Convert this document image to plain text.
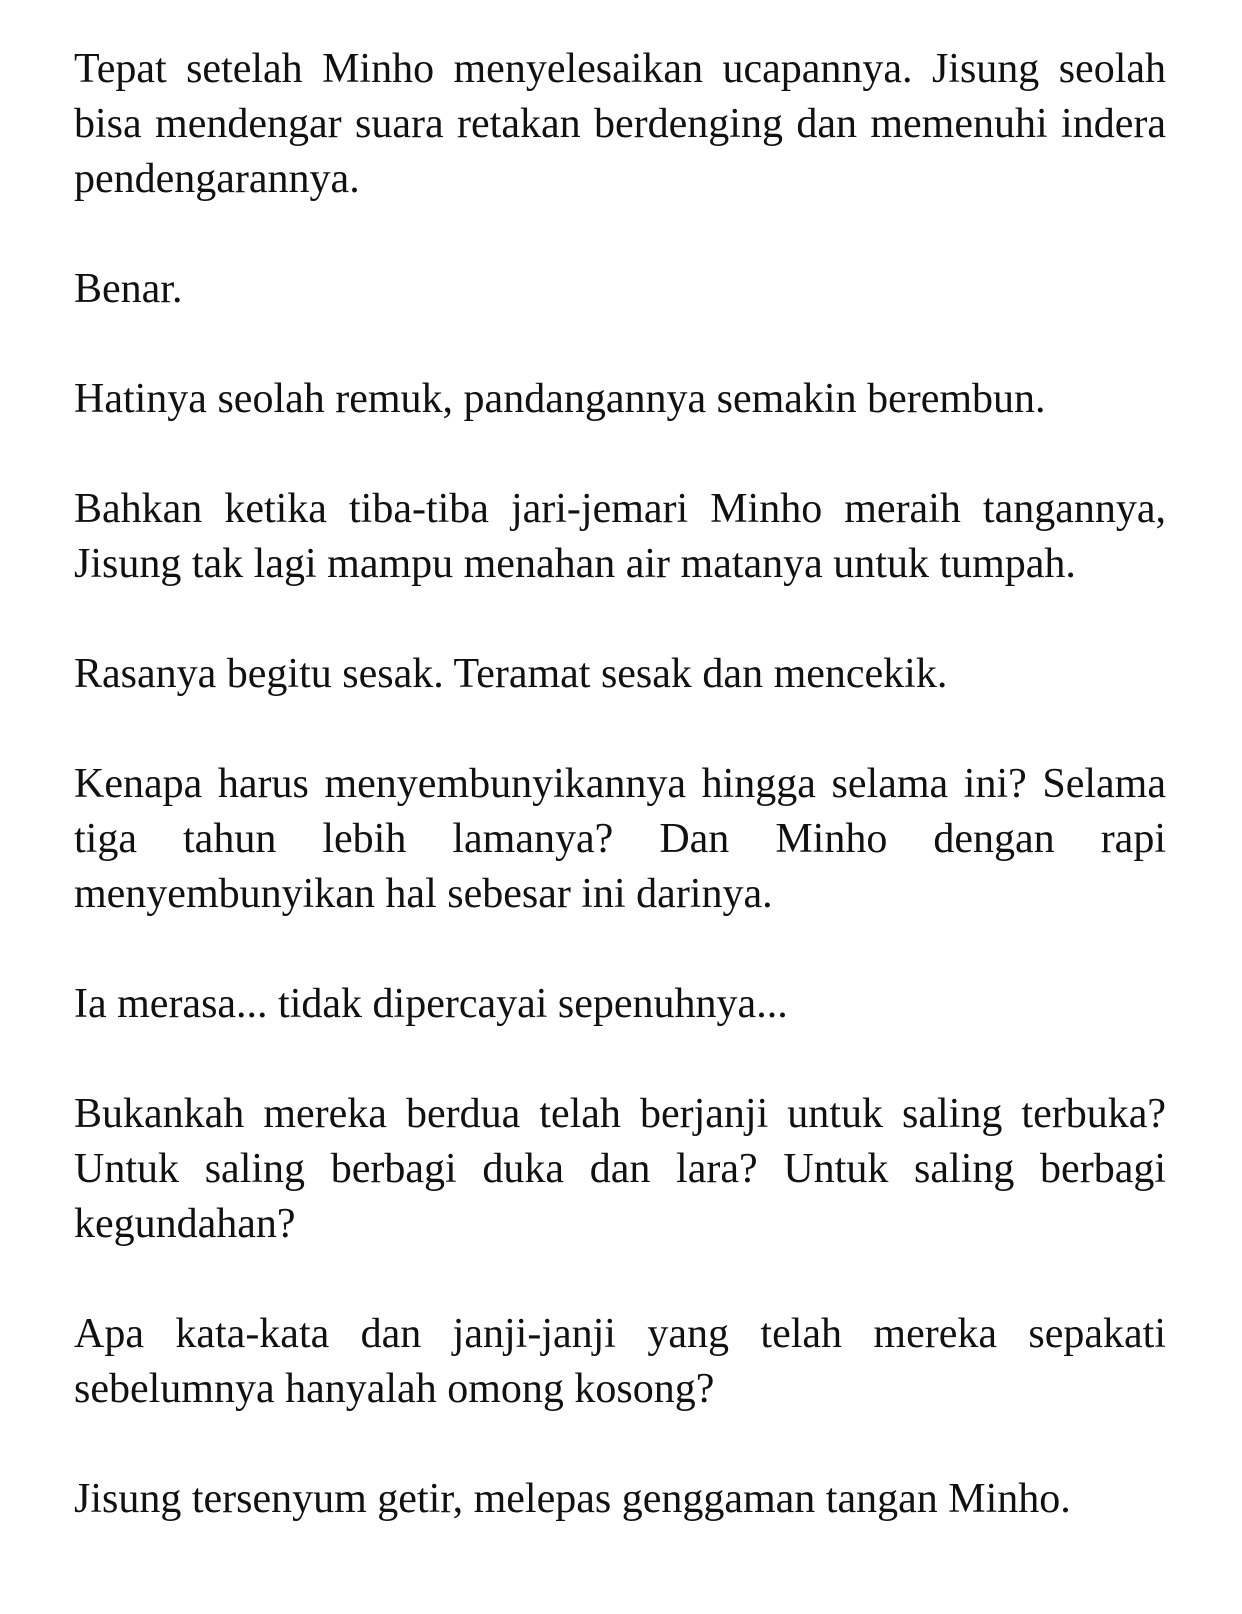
Tepat setelah Minho menyelesaikan ucapannya. Jisung seolah bisa mendengar suara retakan berdenging dan memenuhi indera pendengarannya.

Benar.

Hatinya seolah remuk, pandangannya semakin berembun.

Bahkan ketika tiba-tiba jari-jemari Minho meraih tangannya, Jisung tak lagi mampu menahan air matanya untuk tumpah.

Rasanya begitu sesak. Teramat sesak dan mencekik.

Kenapa harus menyembunyikannya hingga selama ini? Selama tiga tahun lebih lamanya? Dan Minho dengan rapi menyembunyikan hal sebesar ini darinya.

Ia merasa... tidak dipercayai sepenuhnya...

Bukankah mereka berdua telah berjanji untuk saling terbuka? Untuk saling berbagi duka dan lara? Untuk saling berbagi kegundahan?

Apa kata-kata dan janji-janji yang telah mereka sepakati sebelumnya hanyalah omong kosong?

Jisung tersenyum getir, melepas genggaman tangan Minho.
